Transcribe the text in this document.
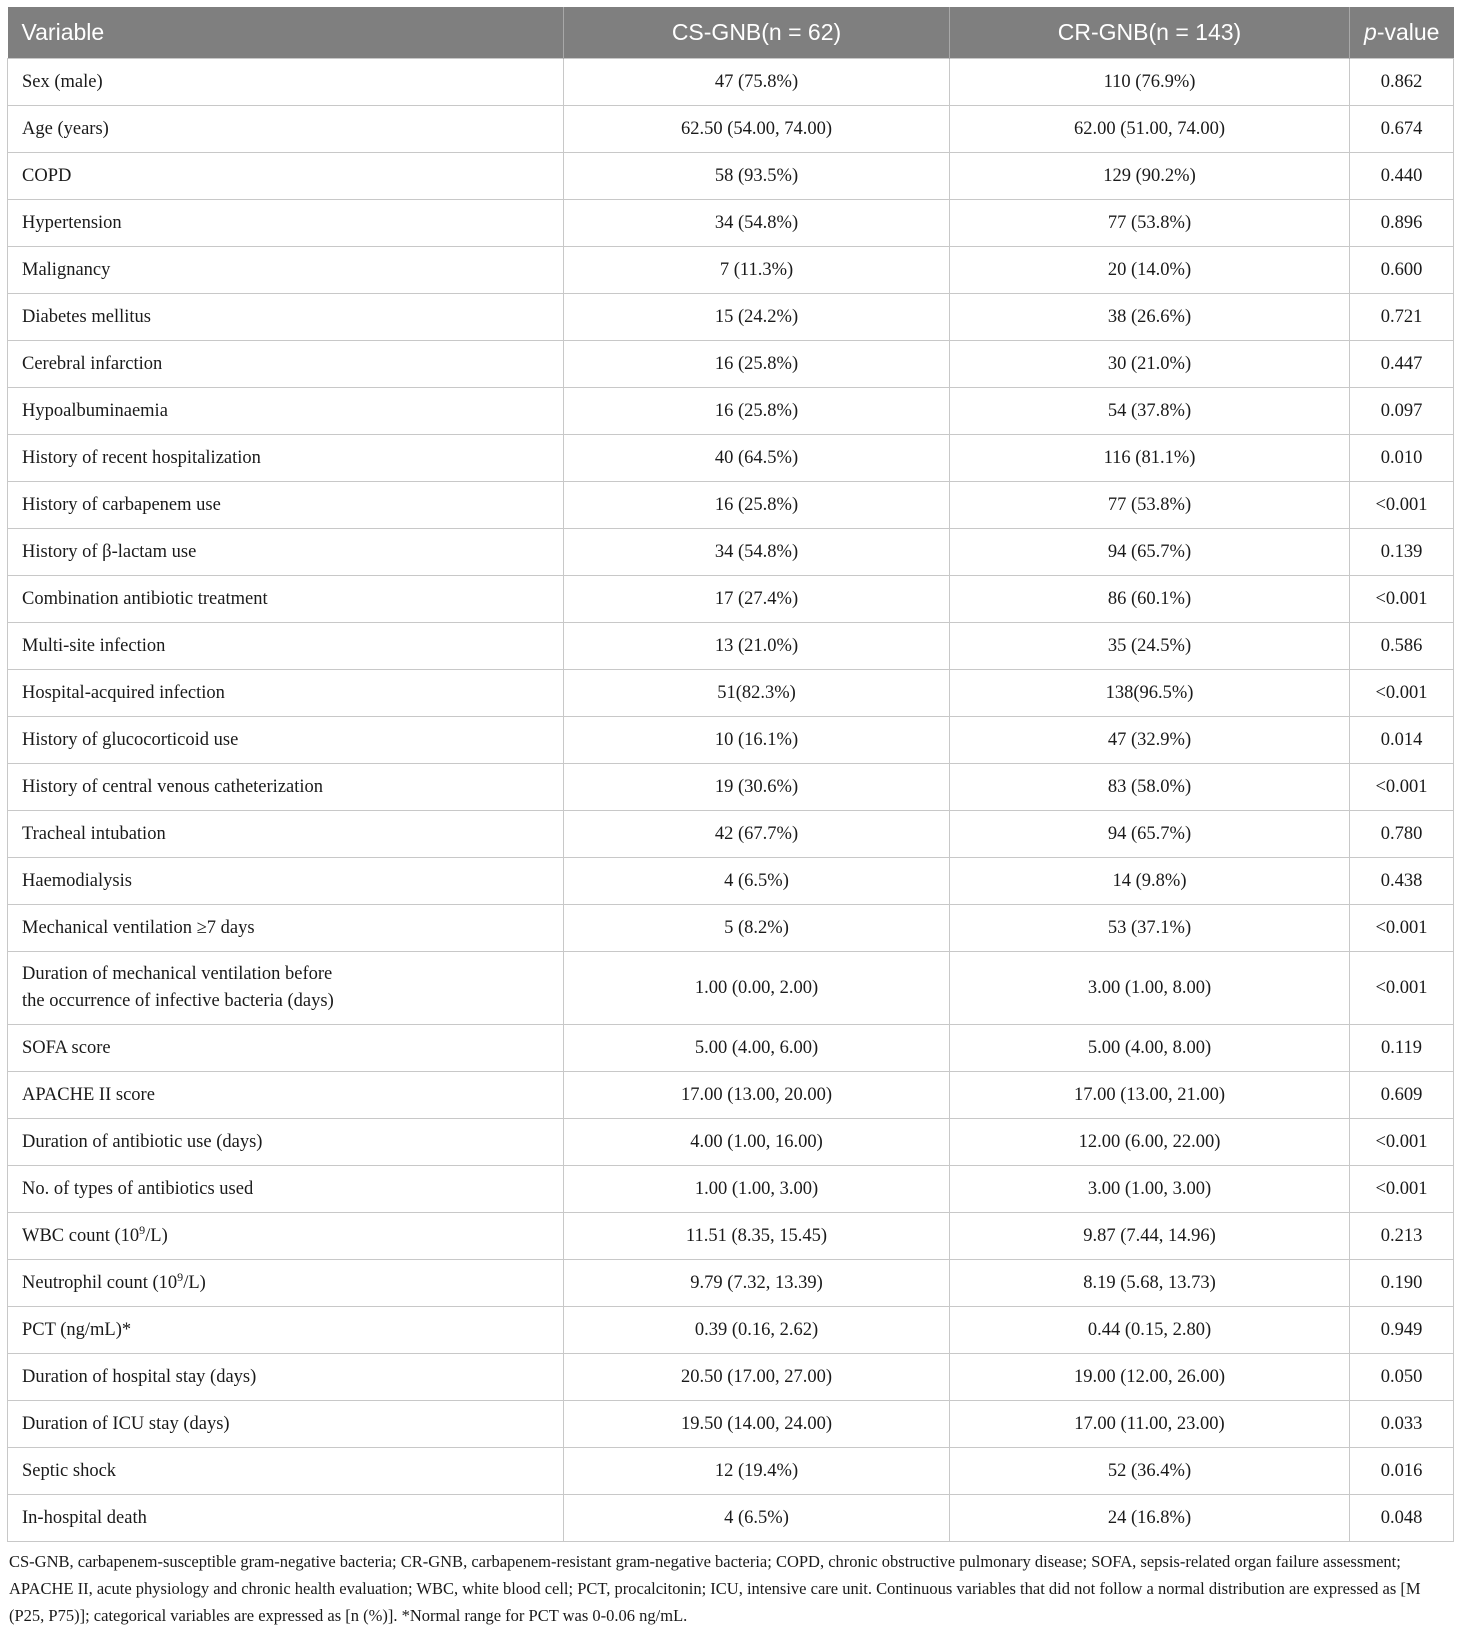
Variable	CS-GNB(n = 62)	CR-GNB(n = 143)	p-value
Sex (male)	47 (75.8%)	110 (76.9%)	0.862
Age (years)	62.50 (54.00, 74.00)	62.00 (51.00, 74.00)	0.674
COPD	58 (93.5%)	129 (90.2%)	0.440
Hypertension	34 (54.8%)	77 (53.8%)	0.896
Malignancy	7 (11.3%)	20 (14.0%)	0.600
Diabetes mellitus	15 (24.2%)	38 (26.6%)	0.721
Cerebral infarction	16 (25.8%)	30 (21.0%)	0.447
Hypoalbuminaemia	16 (25.8%)	54 (37.8%)	0.097
History of recent hospitalization	40 (64.5%)	116 (81.1%)	0.010
History of carbapenem use	16 (25.8%)	77 (53.8%)	<0.001
History of β-lactam use	34 (54.8%)	94 (65.7%)	0.139
Combination antibiotic treatment	17 (27.4%)	86 (60.1%)	<0.001
Multi-site infection	13 (21.0%)	35 (24.5%)	0.586
Hospital-acquired infection	51(82.3%)	138(96.5%)	<0.001
History of glucocorticoid use	10 (16.1%)	47 (32.9%)	0.014
History of central venous catheterization	19 (30.6%)	83 (58.0%)	<0.001
Tracheal intubation	42 (67.7%)	94 (65.7%)	0.780
Haemodialysis	4 (6.5%)	14 (9.8%)	0.438
Mechanical ventilation ≥7 days	5 (8.2%)	53 (37.1%)	<0.001
Duration of mechanical ventilation before
the occurrence of infective bacteria (days)	1.00 (0.00, 2.00)	3.00 (1.00, 8.00)	<0.001
SOFA score	5.00 (4.00, 6.00)	5.00 (4.00, 8.00)	0.119
APACHE II score	17.00 (13.00, 20.00)	17.00 (13.00, 21.00)	0.609
Duration of antibiotic use (days)	4.00 (1.00, 16.00)	12.00 (6.00, 22.00)	<0.001
No. of types of antibiotics used	1.00 (1.00, 3.00)	3.00 (1.00, 3.00)	<0.001
WBC count $(10^9/L)$	11.51 (8.35, 15.45)	9.87 (7.44, 14.96)	0.213
Neutrophil count $(10^9/L)$	9.79 (7.32, 13.39)	8.19 (5.68, 13.73)	0.190
PCT (ng/mL)*	0.39 (0.16, 2.62)	0.44 (0.15, 2.80)	0.949
Duration of hospital stay (days)	20.50 (17.00, 27.00)	19.00 (12.00, 26.00)	0.050
Duration of ICU stay (days)	19.50 (14.00, 24.00)	17.00 (11.00, 23.00)	0.033
Septic shock	12 (19.4%)	52 (36.4%)	0.016
In-hospital death	4 (6.5%)	24 (16.8%)	0.048
CS-GNB, carbapenem-susceptible gram-negative bacteria; CR-GNB, carbapenem-resistant gram-negative bacteria; COPD, chronic obstructive pulmonary disease; SOFA, sepsis-related organ failure assessment; APACHE II, acute physiology and chronic health evaluation; WBC, white blood cell; PCT, procalcitonin; ICU, intensive care unit. Continuous variables that did not follow a normal distribution are expressed as [M (P25, P75)]; categorical variables are expressed as [n (%)]. *Normal range for PCT was 0-0.06 ng/mL.
